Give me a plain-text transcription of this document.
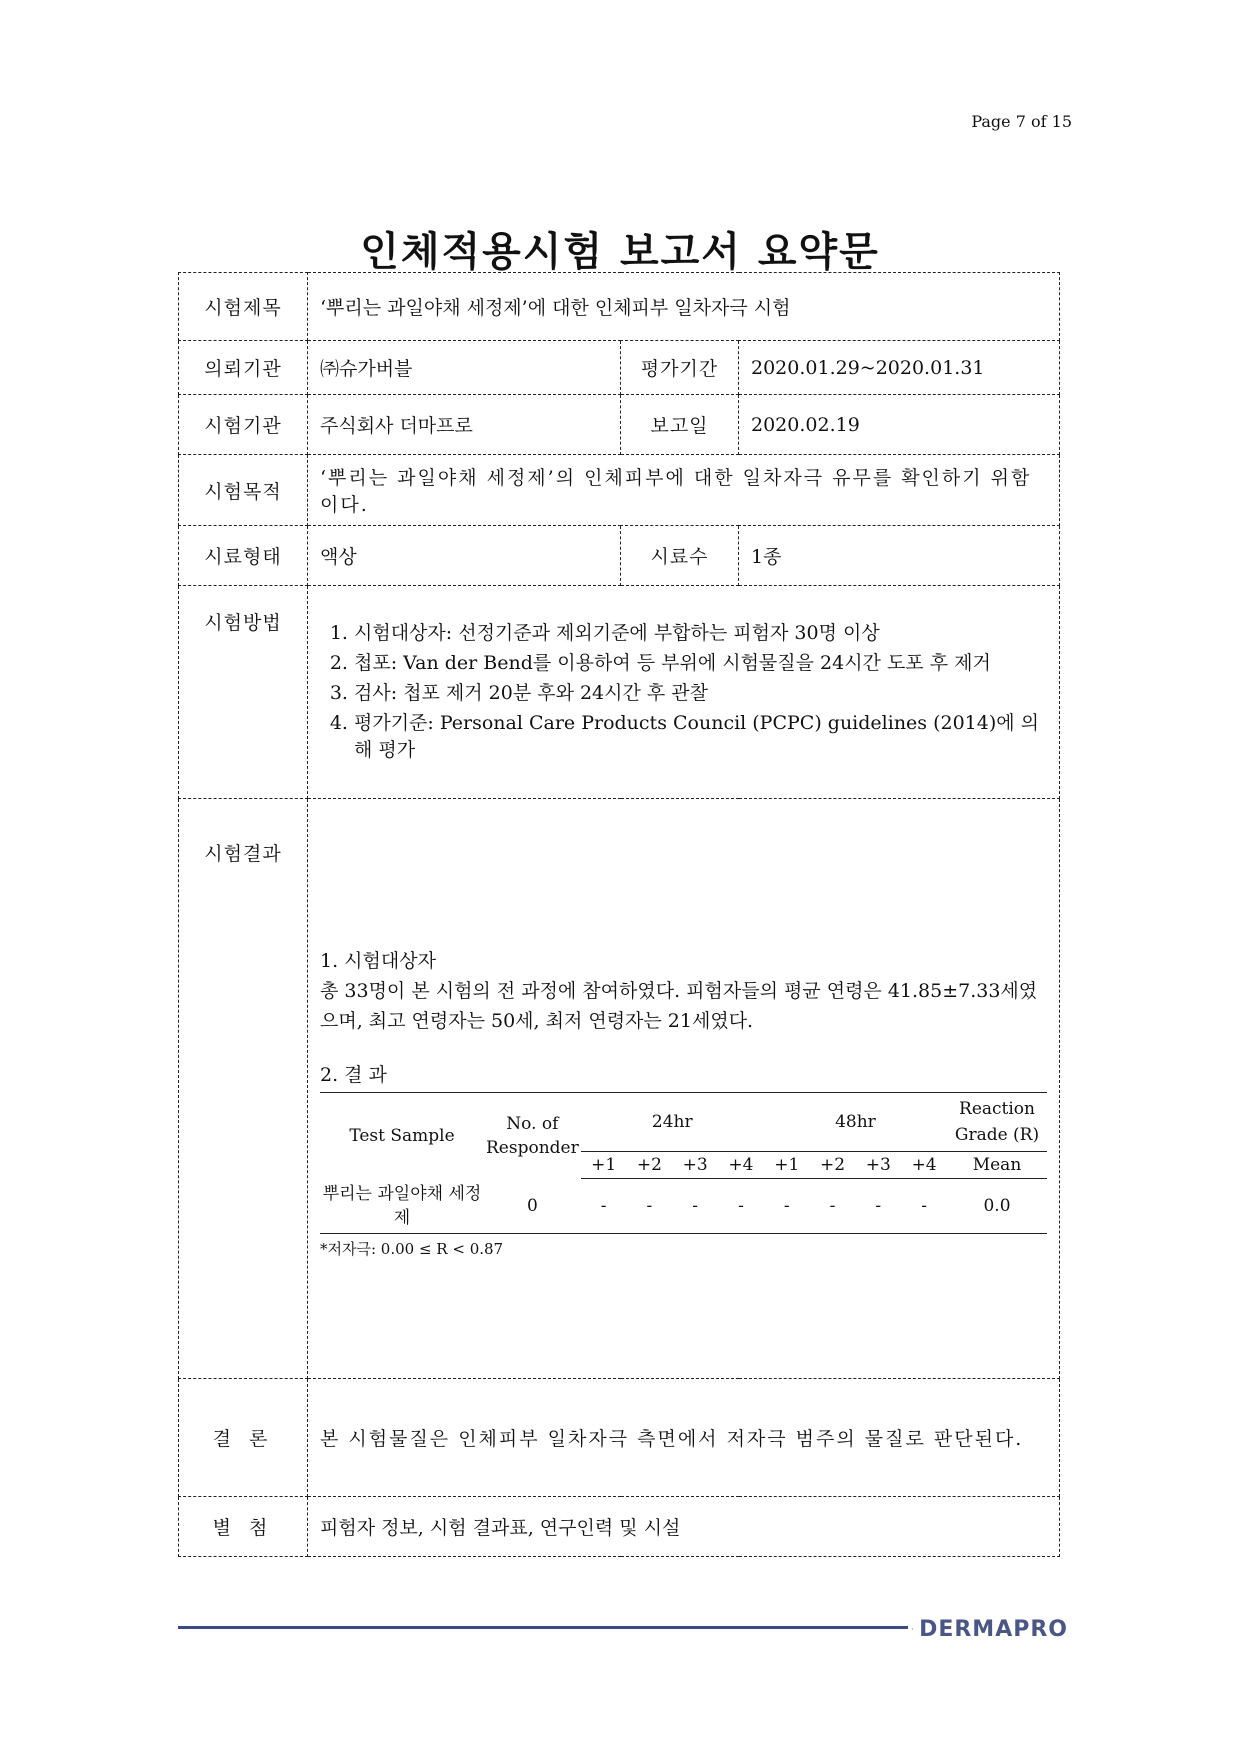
Page 7 of 15
인체적용시험 보고서 요약문
시험제목	‘뿌리는 과일야채 세정제’에 대한 인체피부 일차자극 시험
의뢰기관	㈜슈가버블	평가기간	2020.01.29~2020.01.31
시험기관	주식회사 더마프로	보고일	2020.02.19
시험목적	‘뿌리는 과일야채 세정제’의 인체피부에 대한 일차자극 유무를 확인하기 위함이다.
시료형태	액상	시료수	1종
시험방법	
1.시험대상자: 선정기준과 제외기준에 부합하는 피험자 30명 이상
2. 첩포: Van der Bend를 이용하여 등 부위에 시험물질을 24시간 도포 후 제거
3. 검사: 첩포 제거 20분 후와 24시간 후 관찰
4. 평가기준: Personal Care Products Council (PCPC) guidelines (2014)에 의해 평가

시험결과	

1. 시험대상자

총 33명이 본 시험의 전 과정에 참여하였다. 피험자들의 평균 연령은 41.85±7.33세였으며, 최고 연령자는 50세, 최저 연령자는 21세였다.

2. 결 과

Test Sample	No. of Responder	24hr	48hr	Reaction Grade (R)
+1	+2	+3	+4	+1	+2	+3	+4	Mean
뿌리는 과일야채 세정제	0	-	-	-	-	-	-	-	-	0.0
*저자극: 0.00 ≤ R < 0.87

결 론	본 시험물질은 인체피부 일차자극 측면에서 저자극 범주의 물질로 판단된다.
별 첨	피험자 정보, 시험 결과표, 연구인력 및 시설
DERMAPRO
